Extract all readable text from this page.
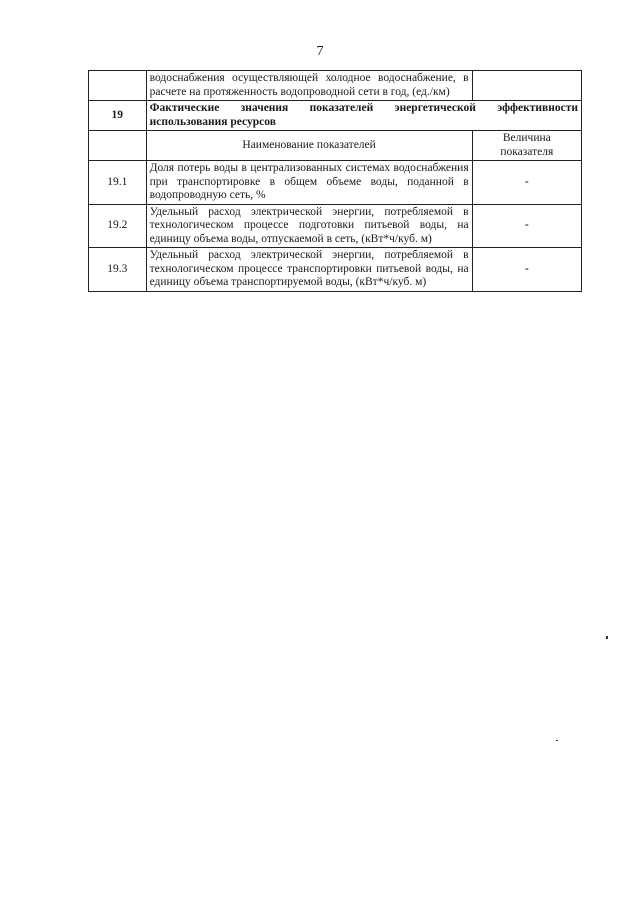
7
	водоснабжения осуществляющей холодное водоснабжение, в расчете на протяженность водопроводной сети в год, (ед./км)	
19	Фактические значения показателей энергетической эффективности использования ресурсов	
	Наименование показателей	Величина показателя
19.1	Доля потерь воды в централизованных системах водоснабжения при транспортировке в общем объеме воды, поданной в водопроводную сеть, %	-
19.2	Удельный расход электрической энергии, потребляемой в технологическом процессе подготовки питьевой воды, на единицу объема воды, отпускаемой в сеть, (кВт*ч/куб. м)	-
19.3	Удельный расход электрической энергии, потребляемой в технологическом процессе транспортировки питьевой воды, на единицу объема транспортируемой воды, (кВт*ч/куб. м)	-
